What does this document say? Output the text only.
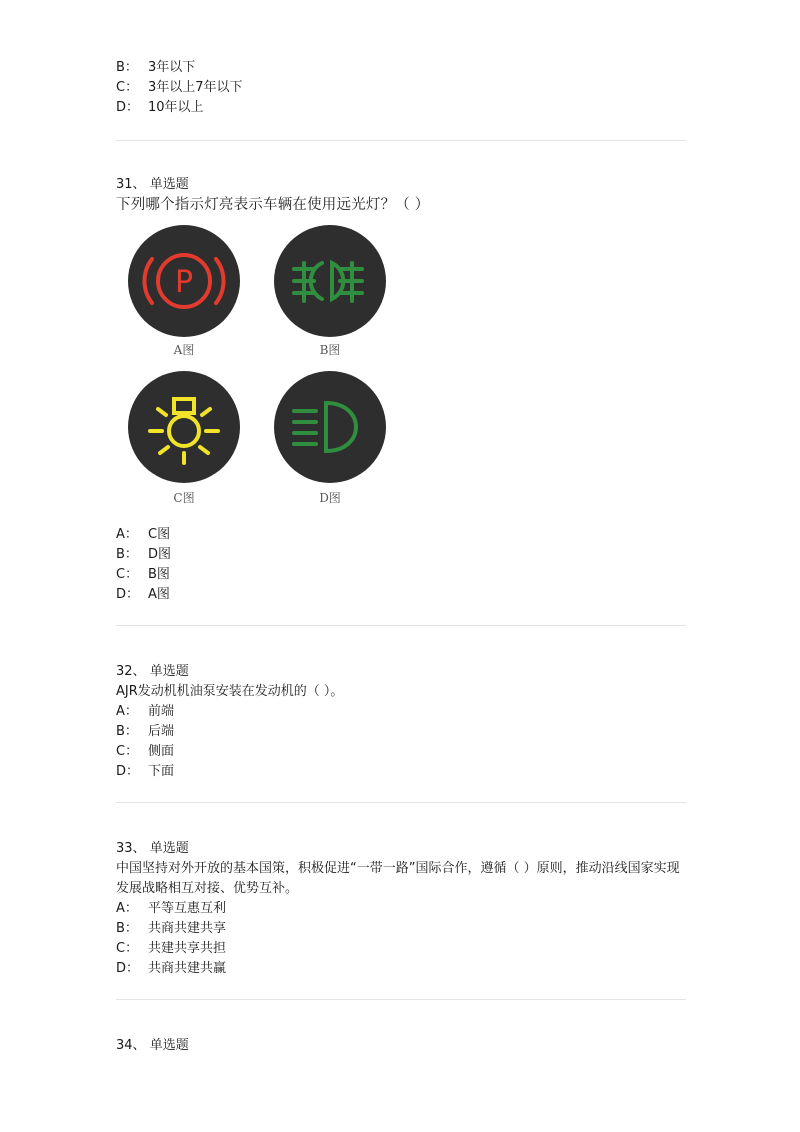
B： 3年以下
C： 3年以上7年以下
D： 10年以上
31、 单选题
下列哪个指示灯亮表示车辆在使用远光灯？（ ）
P
A图	B图
C图	D图
A： C图
B： D图
C： B图
D： A图
32、 单选题
AJR发动机机油泵安装在发动机的（ ）。
A： 前端
B： 后端
C： 侧面
D： 下面
33、 单选题
中国坚持对外开放的基本国策，积极促进“一带一路”国际合作，遵循（ ）原则，推动沿线国家实现发展战略相互对接、优势互补。
A： 平等互惠互利
B： 共商共建共享
C： 共建共享共担
D： 共商共建共赢
34、 单选题
